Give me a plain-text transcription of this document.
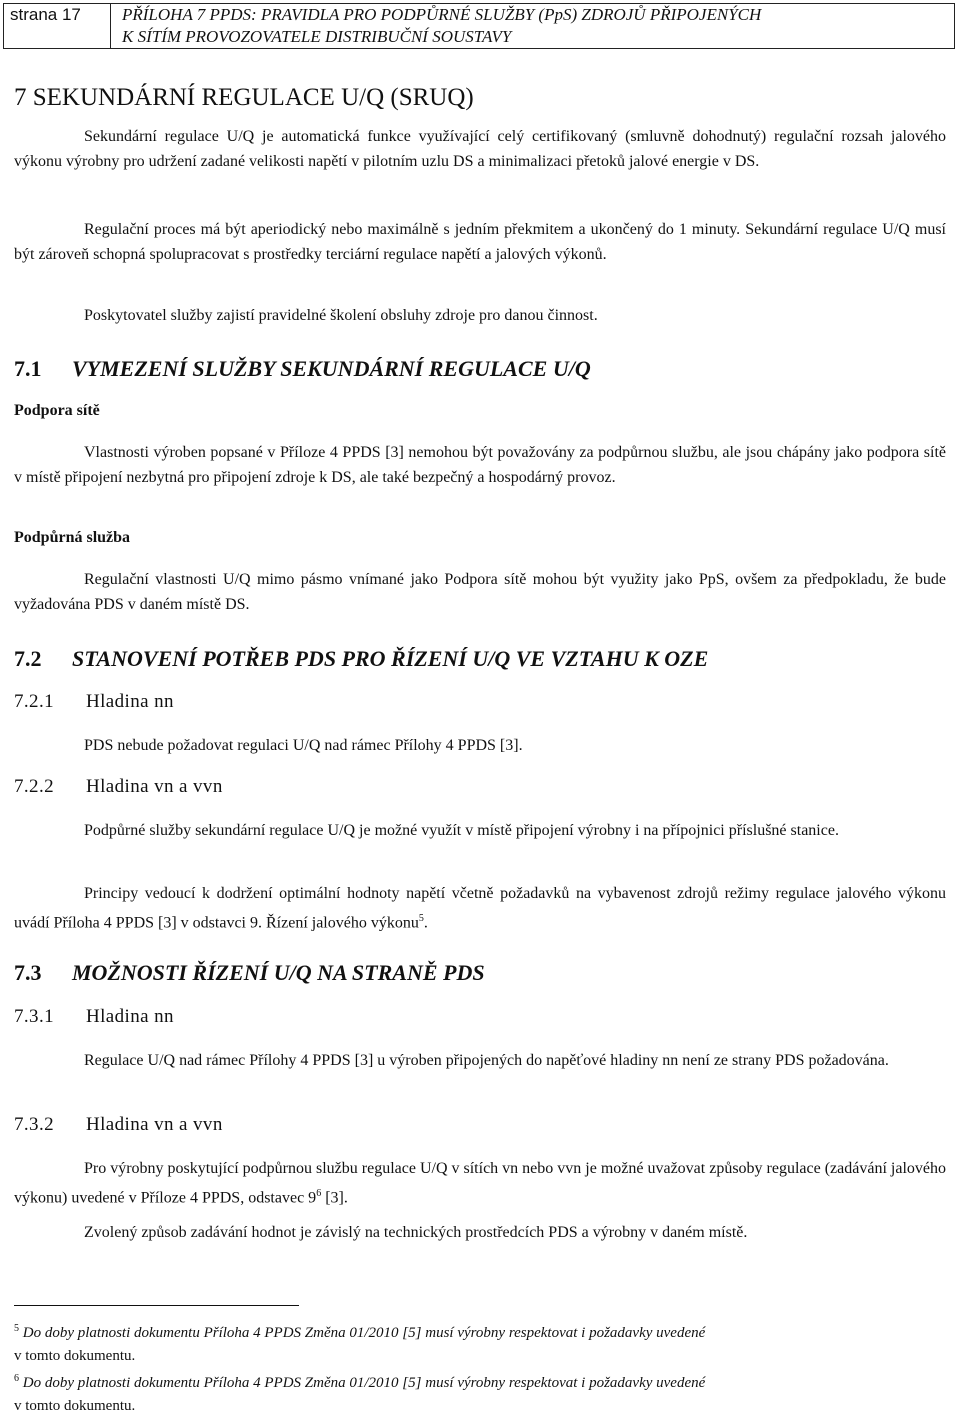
strana 17 PŘÍLOHA 7 PPDS: PRAVIDLA PRO PODPŮRNÉ SLUŽBY (PpS) ZDROJŮ PŘIPOJENÝCH
K SÍTÍM PROVOZOVATELE DISTRIBUČNÍ SOUSTAVY
7 SEKUNDÁRNÍ REGULACE U/Q (SRUQ)
Sekundární regulace U/Q je automatická funkce využívající celý certifikovaný (smluvně dohodnutý) regulační rozsah jalového výkonu výrobny pro udržení zadané velikosti napětí v pilotním uzlu DS a minimalizaci přetoků jalové energie v DS.
Regulační proces má být aperiodický nebo maximálně s jedním překmitem a ukončený do 1 minuty. Sekundární regulace U/Q musí být zároveň schopná spolupracovat s prostředky terciární regulace napětí a jalových výkonů.
Poskytovatel služby zajistí pravidelné školení obsluhy zdroje pro danou činnost.
7.1 VYMEZENÍ SLUŽBY SEKUNDÁRNÍ REGULACE U/Q
Podpora sítě
Vlastnosti výroben popsané v Příloze 4 PPDS [3] nemohou být považovány za podpůrnou službu, ale jsou chápány jako podpora sítě v místě připojení nezbytná pro připojení zdroje k DS, ale také bezpečný a hospodárný provoz.
Podpůrná služba
Regulační vlastnosti U/Q mimo pásmo vnímané jako Podpora sítě mohou být využity jako PpS, ovšem za předpokladu, že bude vyžadována PDS v daném místě DS.
7.2 STANOVENÍ POTŘEB PDS PRO ŘÍZENÍ U/Q VE VZTAHU K OZE
7.2.1 Hladina nn
PDS nebude požadovat regulaci U/Q nad rámec Přílohy 4 PPDS [3].
7.2.2 Hladina vn a vvn
Podpůrné služby sekundární regulace U/Q je možné využít v místě připojení výrobny i na přípojnici příslušné stanice.
Principy vedoucí k dodržení optimální hodnoty napětí včetně požadavků na vybavenost zdrojů režimy regulace jalového výkonu uvádí Příloha 4 PPDS [3] v odstavci 9. Řízení jalového výkonu$^5$.
7.3 MOŽNOSTI ŘÍZENÍ U/Q NA STRANĚ PDS
7.3.1 Hladina nn
Regulace U/Q nad rámec Přílohy 4 PPDS [3] u výroben připojených do napěťové hladiny nn není ze strany PDS požadována.
7.3.2 Hladina vn a vvn
Pro výrobny poskytující podpůrnou službu regulace U/Q v sítích vn nebo vvn je možné uvažovat způsoby regulace (zadávání jalového výkonu) uvedené v Příloze 4 PPDS, odstavec $9^6$ [3].
Zvolený způsob zadávání hodnot je závislý na technických prostředcích PDS a výrobny v daném místě.
$^5$ Do doby platnosti dokumentu Příloha 4 PPDS Změna 01/2010 [5] musí výrobny respektovat i požadavky uvedené
v tomto dokumentu.
$^6$ Do doby platnosti dokumentu Příloha 4 PPDS Změna 01/2010 [5] musí výrobny respektovat i požadavky uvedené
v tomto dokumentu.
